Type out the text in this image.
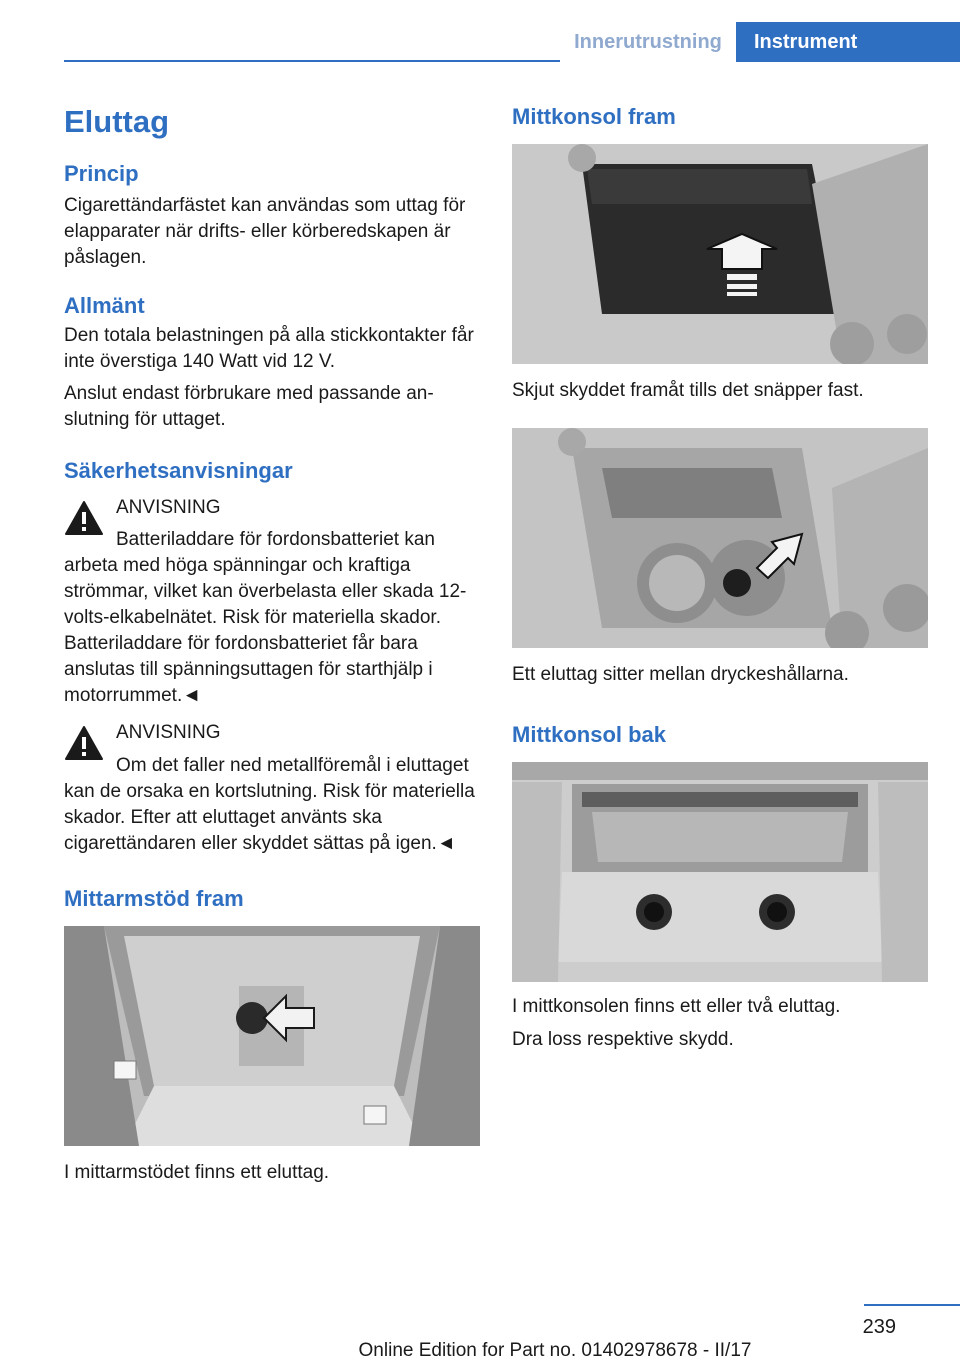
Innerutrustning	Instrument
Eluttag
Princip
Cigarettändarfästet kan användas som uttag för elapparater när drifts- eller körberedskapen är påslagen.
Allmänt
Den totala belastningen på alla stickkontakter får inte överstiga 140 Watt vid 12 V.
Anslut endast förbrukare med passande anslutning för uttaget.
Säkerhetsanvisningar
ANVISNING
Batteriladdare för fordonsbatteriet kan arbeta med höga spänningar och kraftiga strömmar, vilket kan överbelasta eller skada 12-volts-elkabelnätet. Risk för materiella skador. Batteriladdare för fordonsbatteriet får bara anslutas till spänningsuttagen för starthjälp i motorrummet.◄
ANVISNING
Om det faller ned metallföremål i eluttaget kan de orsaka en kortslutning. Risk för materiella skador. Efter att eluttaget använts ska cigarettändaren eller skyddet sättas på igen.◄
Mittarmstöd fram
I mittarmstödet finns ett eluttag.
Mittkonsol fram
Skjut skyddet framåt tills det snäpper fast.
Ett eluttag sitter mellan dryckeshållarna.
Mittkonsol bak
I mittkonsolen finns ett eller två eluttag.
Dra loss respektive skydd.
239
Online Edition for Part no. 01402978678 - II/17
